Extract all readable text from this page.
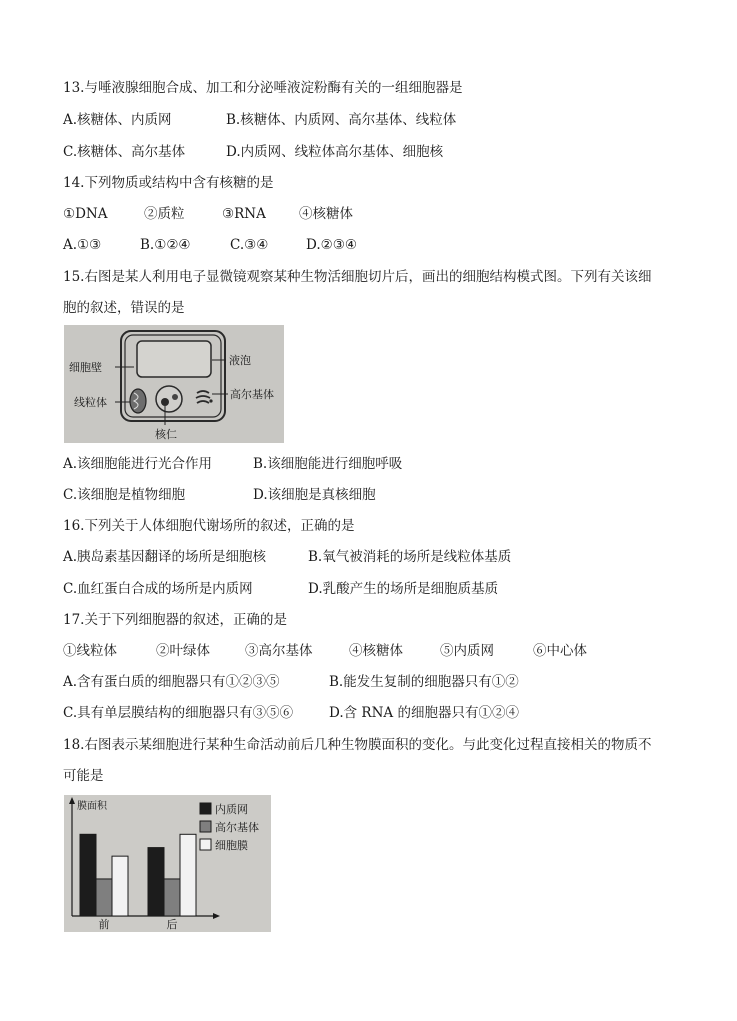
13.与唾液腺细胞合成、加工和分泌唾液淀粉酶有关的一组细胞器是
A.核糖体、内质网	B.核糖体、内质网、高尔基体、线粒体
C.核糖体、高尔基体	D.内质网、线粒体高尔基体、细胞核
14.下列物质或结构中含有核糖的是
①DNA	②质粒	③RNA ④核糖体
A.①③	B.①②④	C.③④	D.②③④
15.右图是某人利用电子显微镜观察某种生物活细胞切片后，画出的细胞结构模式图。下列有关该细
胞的叙述，错误的是
细胞壁
线粒体
液泡
高尔基体
核仁
A.该细胞能进行光合作用	B.该细胞能进行细胞呼吸
C.该细胞是植物细胞	D.该细胞是真核细胞
16.下列关于人体细胞代谢场所的叙述，正确的是
A.胰岛素基因翻译的场所是细胞核	B.氧气被消耗的场所是线粒体基质
C.血红蛋白合成的场所是内质网	D.乳酸产生的场所是细胞质基质
17.关于下列细胞器的叙述，正确的是
①线粒体	②叶绿体	③高尔基体	④核糖体	⑤内质网	⑥中心体
A.含有蛋白质的细胞器只有①②③⑤	B.能发生复制的细胞器只有①②
C.具有单层膜结构的细胞器只有③⑤⑥	D.含 RNA 的细胞器只有①②④
18.右图表示某细胞进行某种生命活动前后几种生物膜面积的变化。与此变化过程直接相关的物质不
可能是
膜面积
前	后
内质网
高尔基体
细胞膜
